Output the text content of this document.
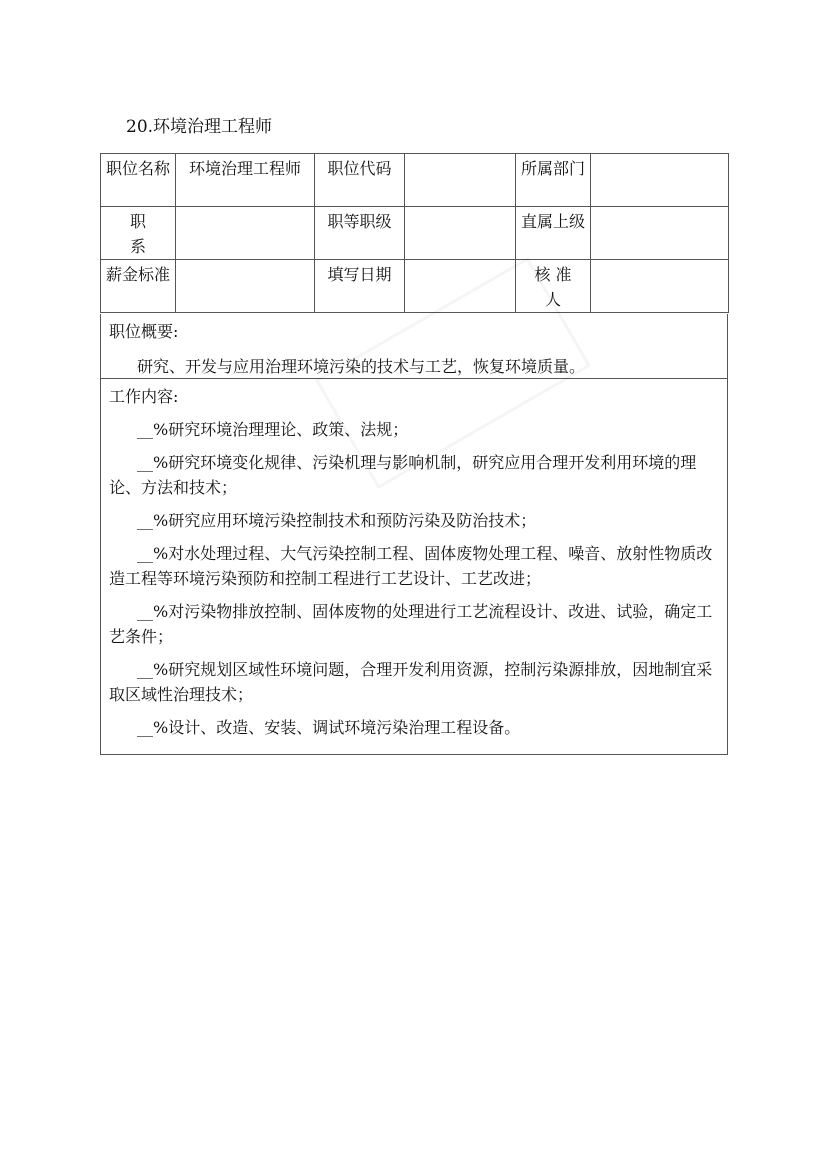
20.环境治理工程师
职位名称	环境治理工程师	职位代码		所属部门	
职
系		职等职级		直属上级	
薪金标准		填写日期		核 准
人	
职位概要:
研究、开发与应用治理环境污染的技术与工艺，恢复环境质量。
工作内容:
__%研究环境治理理论、政策、法规；
__%研究环境变化规律、污染机理与影响机制，研究应用合理开发利用环境的理论、方法和技术；
__%研究应用环境污染控制技术和预防污染及防治技术；
__%对水处理过程、大气污染控制工程、固体废物处理工程、噪音、放射性物质改造工程等环境污染预防和控制工程进行工艺设计、工艺改进；
__%对污染物排放控制、固体废物的处理进行工艺流程设计、改进、试验，确定工艺条件；
__%研究规划区域性环境问题，合理开发利用资源，控制污染源排放，因地制宜采取区域性治理技术；
__%设计、改造、安装、调试环境污染治理工程设备。
